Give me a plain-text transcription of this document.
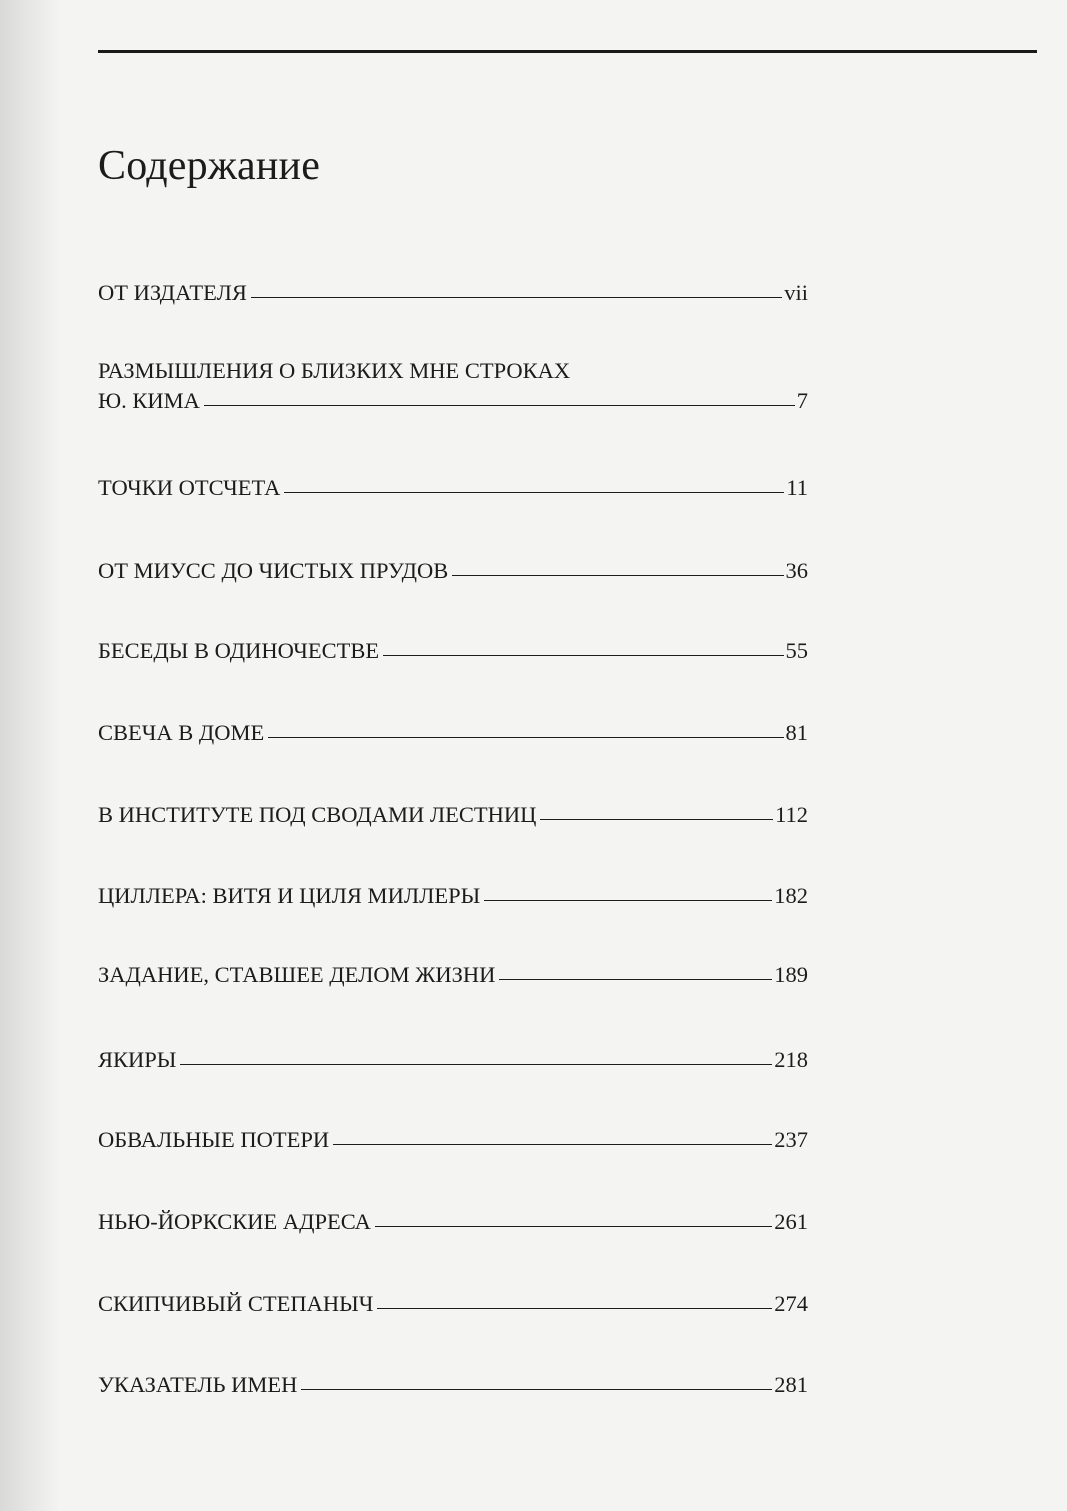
Содержание
ОТ ИЗДАТЕЛЯ	vii
РАЗМЫШЛЕНИЯ О БЛИЗКИХ МНЕ СТРОКАХ
Ю. КИМА	7
ТОЧКИ ОТСЧЕТА	11
ОТ МИУСС ДО ЧИСТЫХ ПРУДОВ	36
БЕСЕДЫ В ОДИНОЧЕСТВЕ	55
СВЕЧА В ДОМЕ	81
В ИНСТИТУТЕ ПОД СВОДАМИ ЛЕСТНИЦ	112
ЦИЛЛЕРА: ВИТЯ И ЦИЛЯ МИЛЛЕРЫ	182
ЗАДАНИЕ, СТАВШЕЕ ДЕЛОМ ЖИЗНИ	189
ЯКИРЫ	218
ОБВАЛЬНЫЕ ПОТЕРИ	237
НЬЮ-ЙОРКСКИЕ АДРЕСА	261
СКИПЧИВЫЙ СТЕПАНЫЧ	274
УКАЗАТЕЛЬ ИМЕН	281
